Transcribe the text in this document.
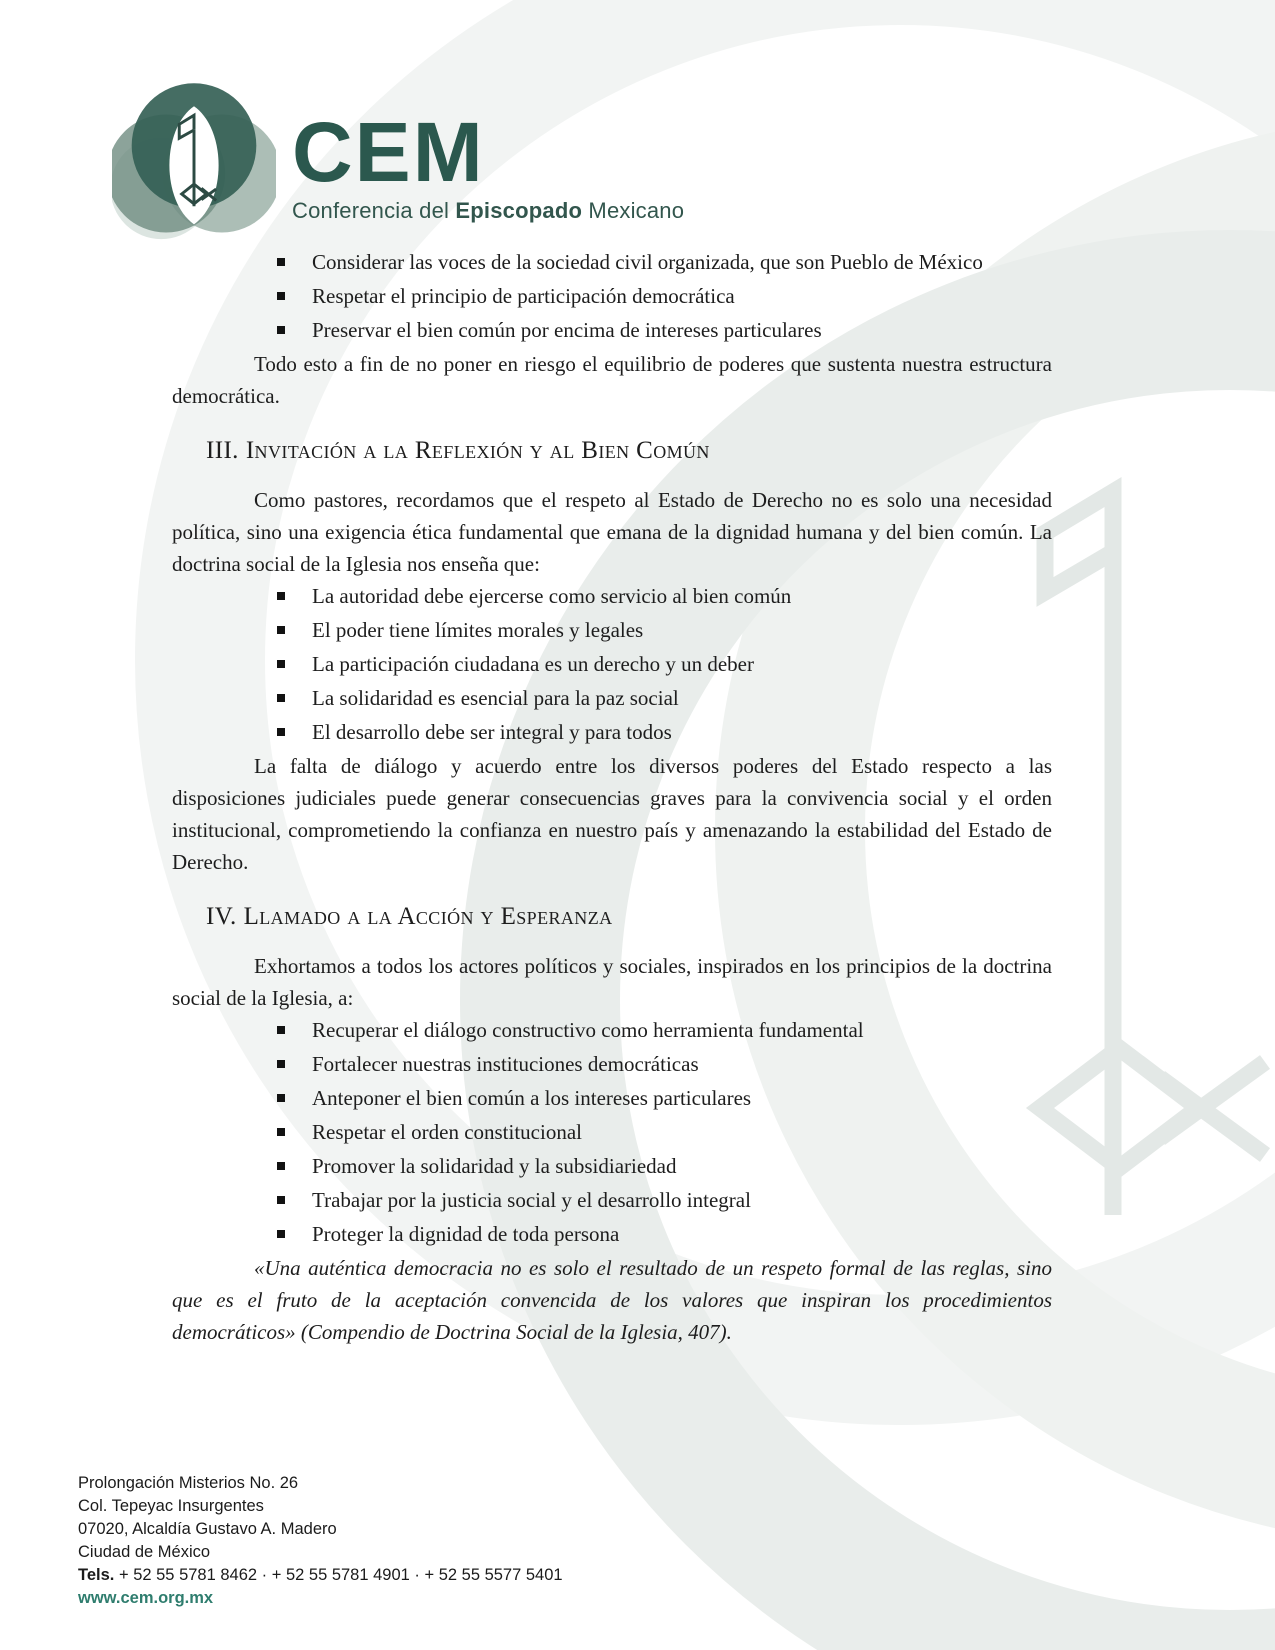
CEM
Conferencia del Episcopado Mexicano
Considerar las voces de la sociedad civil organizada, que son Pueblo de México
Respetar el principio de participación democrática
Preservar el bien común por encima de intereses particulares

Todo esto a fin de no poner en riesgo el equilibrio de poderes que sustenta nuestra estructura democrática.

III. Invitación a la Reflexión y al Bien Común

Como pastores, recordamos que el respeto al Estado de Derecho no es solo una necesidad política, sino una exigencia ética fundamental que emana de la dignidad humana y del bien común. La doctrina social de la Iglesia nos enseña que:

La autoridad debe ejercerse como servicio al bien común
El poder tiene límites morales y legales
La participación ciudadana es un derecho y un deber
La solidaridad es esencial para la paz social
El desarrollo debe ser integral y para todos

La falta de diálogo y acuerdo entre los diversos poderes del Estado respecto a las disposiciones judiciales puede generar consecuencias graves para la convivencia social y el orden institucional, comprometiendo la confianza en nuestro país y amenazando la estabilidad del Estado de Derecho.

IV. Llamado a la Acción y Esperanza

Exhortamos a todos los actores políticos y sociales, inspirados en los principios de la doctrina social de la Iglesia, a:

Recuperar el diálogo constructivo como herramienta fundamental
Fortalecer nuestras instituciones democráticas
Anteponer el bien común a los intereses particulares
Respetar el orden constitucional
Promover la solidaridad y la subsidiariedad
Trabajar por la justicia social y el desarrollo integral
Proteger la dignidad de toda persona

«Una auténtica democracia no es solo el resultado de un respeto formal de las reglas, sino que es el fruto de la aceptación convencida de los valores que inspiran los procedimientos democráticos» (Compendio de Doctrina Social de la Iglesia, 407).

Prolongación Misterios No. 26
Col. Tepeyac Insurgentes
07020, Alcaldía Gustavo A. Madero
Ciudad de México
Tels. + 52 55 5781 8462 · + 52 55 5781 4901 · + 52 55 5577 5401
www.cem.org.mx
